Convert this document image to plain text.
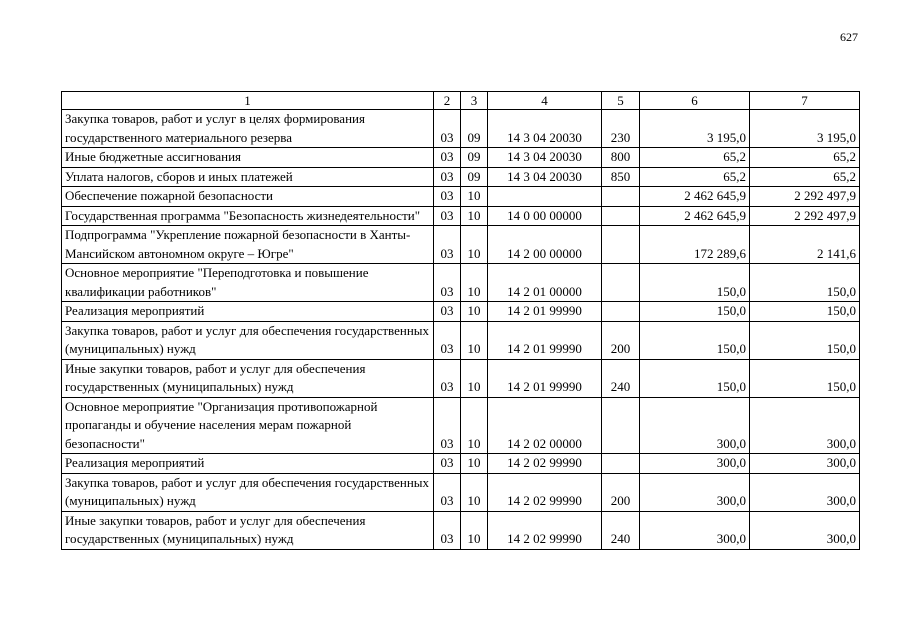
627
1	2	3	4	5	6	7
Закупка товаров, работ и услуг в целях формирования государственного материального резерва	03	09	14 3 04 20030	230	3 195,0	3 195,0
Иные бюджетные ассигнования	03	09	14 3 04 20030	800	65,2	65,2
Уплата налогов, сборов и иных платежей	03	09	14 3 04 20030	850	65,2	65,2
Обеспечение пожарной безопасности	03	10			2 462 645,9	2 292 497,9
Государственная программа "Безопасность жизнедеятельности"	03	10	14 0 00 00000		2 462 645,9	2 292 497,9
Подпрограмма "Укрепление пожарной безопасности в Ханты-Мансийском автономном округе – Югре"	03	10	14 2 00 00000		172 289,6	2 141,6
Основное мероприятие "Переподготовка и повышение квалификации работников"	03	10	14 2 01 00000		150,0	150,0
Реализация мероприятий	03	10	14 2 01 99990		150,0	150,0
Закупка товаров, работ и услуг для обеспечения государственных (муниципальных) нужд	03	10	14 2 01 99990	200	150,0	150,0
Иные закупки товаров, работ и услуг для обеспечения государственных (муниципальных) нужд	03	10	14 2 01 99990	240	150,0	150,0
Основное мероприятие "Организация противопожарной пропаганды и обучение населения мерам пожарной безопасности"	03	10	14 2 02 00000		300,0	300,0
Реализация мероприятий	03	10	14 2 02 99990		300,0	300,0
Закупка товаров, работ и услуг для обеспечения государственных (муниципальных) нужд	03	10	14 2 02 99990	200	300,0	300,0
Иные закупки товаров, работ и услуг для обеспечения государственных (муниципальных) нужд	03	10	14 2 02 99990	240	300,0	300,0
